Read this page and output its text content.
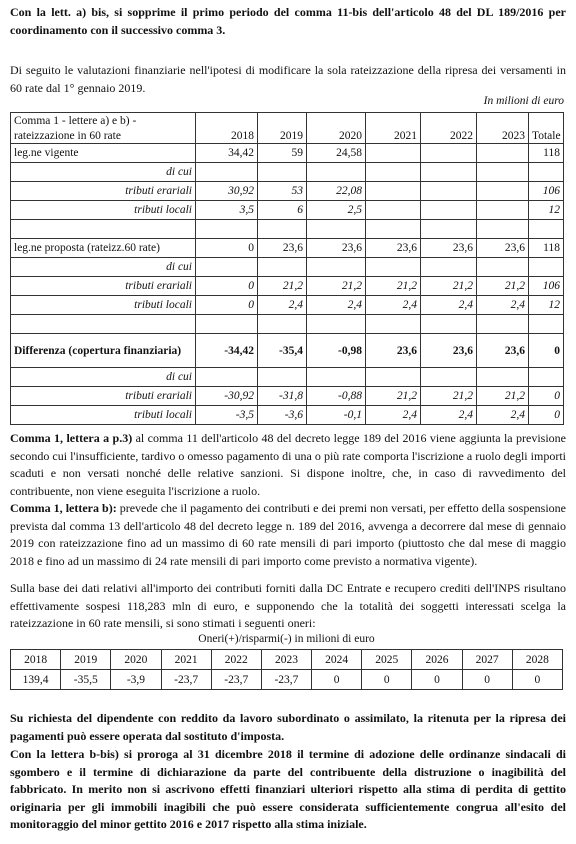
Con la lett. a) bis, si sopprime il primo periodo del comma 11-bis dell'articolo 48 del DL 189/2016 per coordinamento con il successivo comma 3.

Di seguito le valutazioni finanziarie nell'ipotesi di modificare la sola rateizzazione della ripresa dei versamenti in 60 rate dal 1° gennaio 2019.

In milioni di euro
Comma 1 - lettere a) e b) -							
rateizzazione in 60 rate	2018	2019	2020	2021	2022	2023	Totale
leg.ne vigente	34,42	59	24,58				118
di cui							
tributi erariali	30,92	53	22,08				106
tributi locali	3,5	6	2,5				12

leg.ne proposta (rateizz.60 rate)	0	23,6	23,6	23,6	23,6	23,6	118
di cui							
tributi erariali	0	21,2	21,2	21,2	21,2	21,2	106
tributi locali	0	2,4	2,4	2,4	2,4	2,4	12

Differenza (copertura finanziaria)	-34,42	-35,4	-0,98	23,6	23,6	23,6	0
di cui							
tributi erariali	-30,92	-31,8	-0,88	21,2	21,2	21,2	0
tributi locali	-3,5	-3,6	-0,1	2,4	2,4	2,4	0

Comma 1, lettera a p.3) al comma 11 dell'articolo 48 del decreto legge 189 del 2016 viene aggiunta la previsione secondo cui l'insufficiente, tardivo o omesso pagamento di una o più rate comporta l'iscrizione a ruolo degli importi scaduti e non versati nonché delle relative sanzioni. Si dispone inoltre, che, in caso di ravvedimento del contribuente, non viene eseguita l'iscrizione a ruolo.

Comma 1, lettera b): prevede che il pagamento dei contributi e dei premi non versati, per effetto della sospensione prevista dal comma 13 dell'articolo 48 del decreto legge n. 189 del 2016, avvenga a decorrere dal mese di gennaio 2019 con rateizzazione fino ad un massimo di 60 rate mensili di pari importo (piuttosto che dal mese di maggio 2018 e fino ad un massimo di 24 rate mensili di pari importo come previsto a normativa vigente).

Sulla base dei dati relativi all'importo dei contributi forniti dalla DC Entrate e recupero crediti dell'INPS risultano effettivamente sospesi 118,283 mln di euro, e supponendo che la totalità dei soggetti interessati scelga la rateizzazione in 60 rate mensili, si sono stimati i seguenti oneri:

Oneri(+)/risparmi(-) in milioni di euro
2018	2019	2020	2021	2022	2023	2024	2025	2026	2027	2028
139,4	-35,5	-3,9	-23,7	-23,7	-23,7	0	0	0	0	0

Su richiesta del dipendente con reddito da lavoro subordinato o assimilato, la ritenuta per la ripresa dei pagamenti può essere operata dal sostituto d'imposta.

Con la lettera b-bis) si proroga al 31 dicembre 2018 il termine di adozione delle ordinanze sindacali di sgombero e il termine di dichiarazione da parte del contribuente della distruzione o inagibilità del fabbricato. In merito non si ascrivono effetti finanziari ulteriori rispetto alla stima di perdita di gettito originaria per gli immobili inagibili che può essere considerata sufficientemente congrua all'esito del monitoraggio del minor gettito 2016 e 2017 rispetto alla stima iniziale.
